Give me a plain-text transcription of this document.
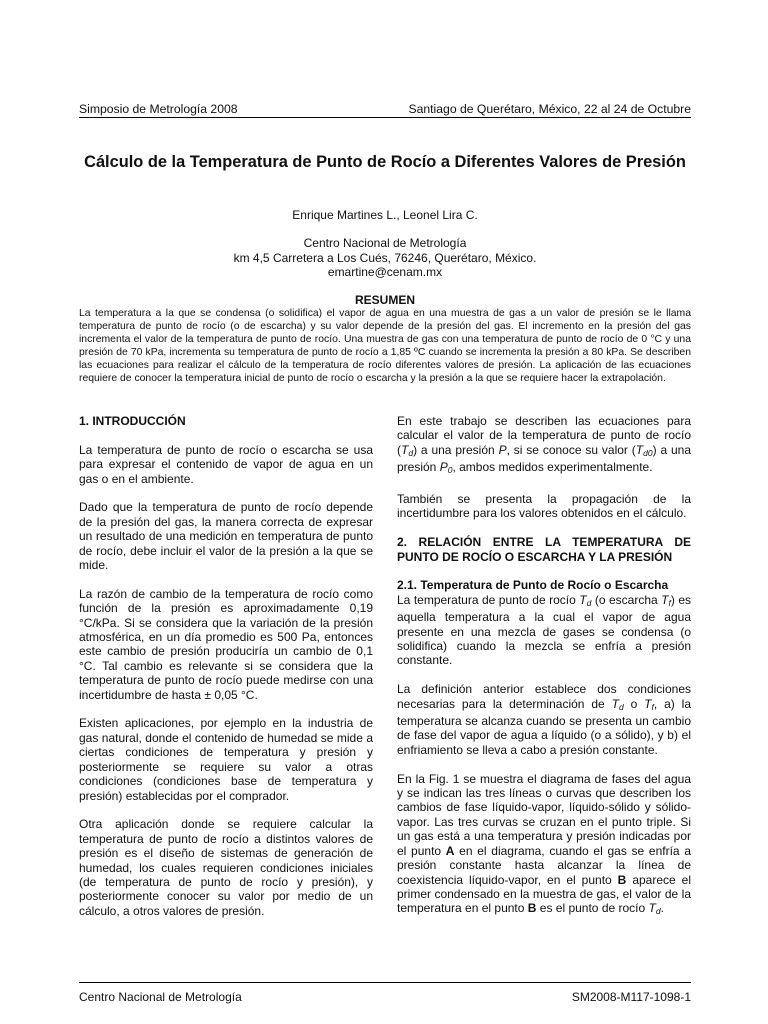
Simposio de Metrología 2008	Santiago de Querétaro, México, 22 al 24 de Octubre
Cálculo de la Temperatura de Punto de Rocío a Diferentes Valores de Presión
Enrique Martines L., Leonel Lira C.
Centro Nacional de Metrología
km 4,5 Carretera a Los Cués, 76246, Querétaro, México.
emartine@cenam.mx
RESUMEN

La temperatura a la que se condensa (o solidifica) el vapor de agua en una muestra de gas a un valor de presión se le llama temperatura de punto de rocío (o de escarcha) y su valor depende de la presión del gas. El incremento en la presión del gas incrementa el valor de la temperatura de punto de rocío. Una muestra de gas con una temperatura de punto de rocío de 0 °C y una presión de 70 kPa, incrementa su temperatura de punto de rocío a 1,85 ºC cuando se incrementa la presión a 80 kPa. Se describen las ecuaciones para realizar el cálculo de la temperatura de rocío diferentes valores de presión. La aplicación de las ecuaciones requiere de conocer la temperatura inicial de punto de rocío o escarcha y la presión a la que se requiere hacer la extrapolación.

1. INTRODUCCIÓN

La temperatura de punto de rocío o escarcha se usa para expresar el contenido de vapor de agua en un gas o en el ambiente.

Dado que la temperatura de punto de rocío depende de la presión del gas, la manera correcta de expresar un resultado de una medición en temperatura de punto de rocío, debe incluir el valor de la presión a la que se mide.

La razón de cambio de la temperatura de rocío como función de la presión es aproximadamente 0,19 °C/kPa. Si se considera que la variación de la presión atmosférica, en un día promedio es 500 Pa, entonces este cambio de presión produciría un cambio de 0,1 °C. Tal cambio es relevante si se considera que la temperatura de punto de rocío puede medirse con una incertidumbre de hasta ± 0,05 °C.

Existen aplicaciones, por ejemplo en la industria de gas natural, donde el contenido de humedad se mide a ciertas condiciones de temperatura y presión y posteriormente se requiere su valor a otras condiciones (condiciones base de temperatura y presión) establecidas por el comprador.

Otra aplicación donde se requiere calcular la temperatura de punto de rocío a distintos valores de presión es el diseño de sistemas de generación de humedad, los cuales requieren condiciones iniciales (de temperatura de punto de rocío y presión), y posteriormente conocer su valor por medio de un cálculo, a otros valores de presión.

En este trabajo se describen las ecuaciones para calcular el valor de la temperatura de punto de rocío $(T_d)$ a una presión P, si se conoce su valor $(T_{d0})$ a una presión $P_0$, ambos medidos experimentalmente.

También se presenta la propagación de la incertidumbre para los valores obtenidos en el cálculo.

2. RELACIÓN ENTRE LA TEMPERATURA DE PUNTO DE ROCÍO O ESCARCHA Y LA PRESIÓN
2.1. Temperatura de Punto de Rocío o Escarcha

La temperatura de punto de rocío $T_d$ (o escarcha $T_f$) es aquella temperatura a la cual el vapor de agua presente en una mezcla de gases se condensa (o solidifica) cuando la mezcla se enfría a presión constante.

La definición anterior establece dos condiciones necesarias para la determinación de $T_d$ o $T_f$, a) la temperatura se alcanza cuando se presenta un cambio de fase del vapor de agua a líquido (o a sólido), y b) el enfriamiento se lleva a cabo a presión constante.

En la Fig. 1 se muestra el diagrama de fases del agua y se indican las tres líneas o curvas que describen los cambios de fase líquido-vapor, líquido-sólido y sólido-vapor. Las tres curvas se cruzan en el punto triple. Si un gas está a una temperatura y presión indicadas por el punto A en el diagrama, cuando el gas se enfría a presión constante hasta alcanzar la línea de coexistencia líquido-vapor, en el punto B aparece el primer condensado en la muestra de gas, el valor de la temperatura en el punto B es el punto de rocío $T_d$.

Centro Nacional de Metrología	SM2008-M117-1098-1
